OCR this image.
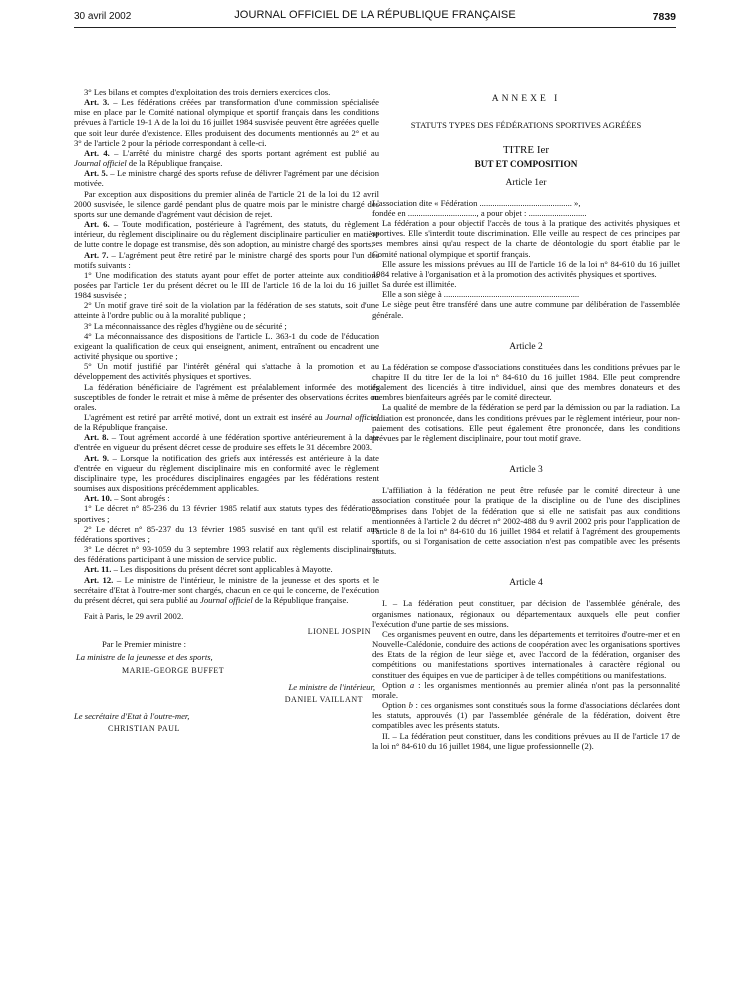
30 avril 2002	JOURNAL OFFICIEL DE LA RÉPUBLIQUE FRANÇAISE	7839

3° Les bilans et comptes d'exploitation des trois derniers exercices clos.

Art. 3. – Les fédérations créées par transformation d'une commission spécialisée mise en place par le Comité national olympique et sportif français dans les conditions prévues à l'article 19-1 A de la loi du 16 juillet 1984 susvisée peuvent être agréées quelle que soit leur durée d'existence. Elles produisent des documents mentionnés au 2° et au 3° de l'article 2 pour la période correspondant à celle-ci.

Art. 4. – L'arrêté du ministre chargé des sports portant agrément est publié au Journal officiel de la République française.

Art. 5. – Le ministre chargé des sports refuse de délivrer l'agrément par une décision motivée.

Par exception aux dispositions du premier alinéa de l'article 21 de la loi du 12 avril 2000 susvisée, le silence gardé pendant plus de quatre mois par le ministre chargé des sports sur une demande d'agrément vaut décision de rejet.

Art. 6. – Toute modification, postérieure à l'agrément, des statuts, du règlement intérieur, du règlement disciplinaire ou du règlement disciplinaire particulier en matière de lutte contre le dopage est transmise, dès son adoption, au ministre chargé des sports.

Art. 7. – L'agrément peut être retiré par le ministre chargé des sports pour l'un des motifs suivants :

1° Une modification des statuts ayant pour effet de porter atteinte aux conditions posées par l'article 1er du présent décret ou le III de l'article 16 de la loi du 16 juillet 1984 susvisée ;

2° Un motif grave tiré soit de la violation par la fédération de ses statuts, soit d'une atteinte à l'ordre public ou à la moralité publique ;

3° La méconnaissance des règles d'hygiène ou de sécurité ;

4° La méconnaissance des dispositions de l'article L. 363-1 du code de l'éducation exigeant la qualification de ceux qui enseignent, animent, entraînent ou encadrent une activité physique ou sportive ;

5° Un motif justifié par l'intérêt général qui s'attache à la promotion et au développement des activités physiques et sportives.

La fédération bénéficiaire de l'agrément est préalablement informée des motifs susceptibles de fonder le retrait et mise à même de présenter des observations écrites ou orales.

L'agrément est retiré par arrêté motivé, dont un extrait est inséré au Journal officiel de la République française.

Art. 8. – Tout agrément accordé à une fédération sportive antérieurement à la date d'entrée en vigueur du présent décret cesse de produire ses effets le 31 décembre 2003.

Art. 9. – Lorsque la notification des griefs aux intéressés est antérieure à la date d'entrée en vigueur du règlement disciplinaire mis en conformité avec le règlement disciplinaire type, les procédures disciplinaires engagées par les fédérations restent soumises aux dispositions précédemment applicables.

Art. 10. – Sont abrogés :

1° Le décret n° 85-236 du 13 février 1985 relatif aux statuts types des fédérations sportives ;

2° Le décret n° 85-237 du 13 février 1985 susvisé en tant qu'il est relatif aux fédérations sportives ;

3° Le décret n° 93-1059 du 3 septembre 1993 relatif aux règlements disciplinaires des fédérations participant à une mission de service public.

Art. 11. – Les dispositions du présent décret sont applicables à Mayotte.

Art. 12. – Le ministre de l'intérieur, le ministre de la jeunesse et des sports et le secrétaire d'Etat à l'outre-mer sont chargés, chacun en ce qui le concerne, de l'exécution du présent décret, qui sera publié au Journal officiel de la République française.

Fait à Paris, le 29 avril 2002.

LIONEL JOSPIN

Par le Premier ministre :

La ministre de la jeunesse et des sports,

MARIE-GEORGE BUFFET

Le ministre de l'intérieur,

DANIEL VAILLANT

Le secrétaire d'Etat à l'outre-mer,

CHRISTIAN PAUL

ANNEXE I

STATUTS TYPES DES FÉDÉRATIONS SPORTIVES AGRÉÉES

TITRE Ier

BUT ET COMPOSITION

Article 1er

L'association dite « Fédération ........................................... »,

fondée en ................................, a pour objet : ...........................

La fédération a pour objectif l'accès de tous à la pratique des activités physiques et sportives. Elle s'interdit toute discrimination. Elle veille au respect de ces principes par ses membres ainsi qu'au respect de la charte de déontologie du sport établie par le Comité national olympique et sportif français.

Elle assure les missions prévues au III de l'article 16 de la loi n° 84-610 du 16 juillet 1984 relative à l'organisation et à la promotion des activités physiques et sportives.

Sa durée est illimitée.

Elle a son siège à ...............................................................

Le siège peut être transféré dans une autre commune par délibération de l'assemblée générale.

Article 2

La fédération se compose d'associations constituées dans les conditions prévues par le chapitre II du titre Ier de la loi n° 84-610 du 16 juillet 1984. Elle peut comprendre également des licenciés à titre individuel, ainsi que des membres donateurs et des membres bienfaiteurs agréés par le comité directeur.

La qualité de membre de la fédération se perd par la démission ou par la radiation. La radiation est prononcée, dans les conditions prévues par le règlement intérieur, pour non-paiement des cotisations. Elle peut également être prononcée, dans les conditions prévues par le règlement disciplinaire, pour tout motif grave.

Article 3

L'affiliation à la fédération ne peut être refusée par le comité directeur à une association constituée pour la pratique de la discipline ou de l'une des disciplines comprises dans l'objet de la fédération que si elle ne satisfait pas aux conditions mentionnées à l'article 2 du décret n° 2002-488 du 9 avril 2002 pris pour l'application de l'article 8 de la loi n° 84-610 du 16 juillet 1984 et relatif à l'agrément des groupements sportifs, ou si l'organisation de cette association n'est pas compatible avec les présents statuts.

Article 4

I. – La fédération peut constituer, par décision de l'assemblée générale, des organismes nationaux, régionaux ou départementaux auxquels elle peut confier l'exécution d'une partie de ses missions.

Ces organismes peuvent en outre, dans les départements et territoires d'outre-mer et en Nouvelle-Calédonie, conduire des actions de coopération avec les organisations sportives des Etats de la région de leur siège et, avec l'accord de la fédération, organiser des compétitions ou manifestations sportives internationales à caractère régional ou constituer des équipes en vue de participer à de telles compétitions ou manifestations.

Option a : les organismes mentionnés au premier alinéa n'ont pas la personnalité morale.

Option b : ces organismes sont constitués sous la forme d'associations déclarées dont les statuts, approuvés (1) par l'assemblée générale de la fédération, doivent être compatibles avec les présents statuts.

II. – La fédération peut constituer, dans les conditions prévues au II de l'article 17 de la loi n° 84-610 du 16 juillet 1984, une ligue professionnelle (2).
